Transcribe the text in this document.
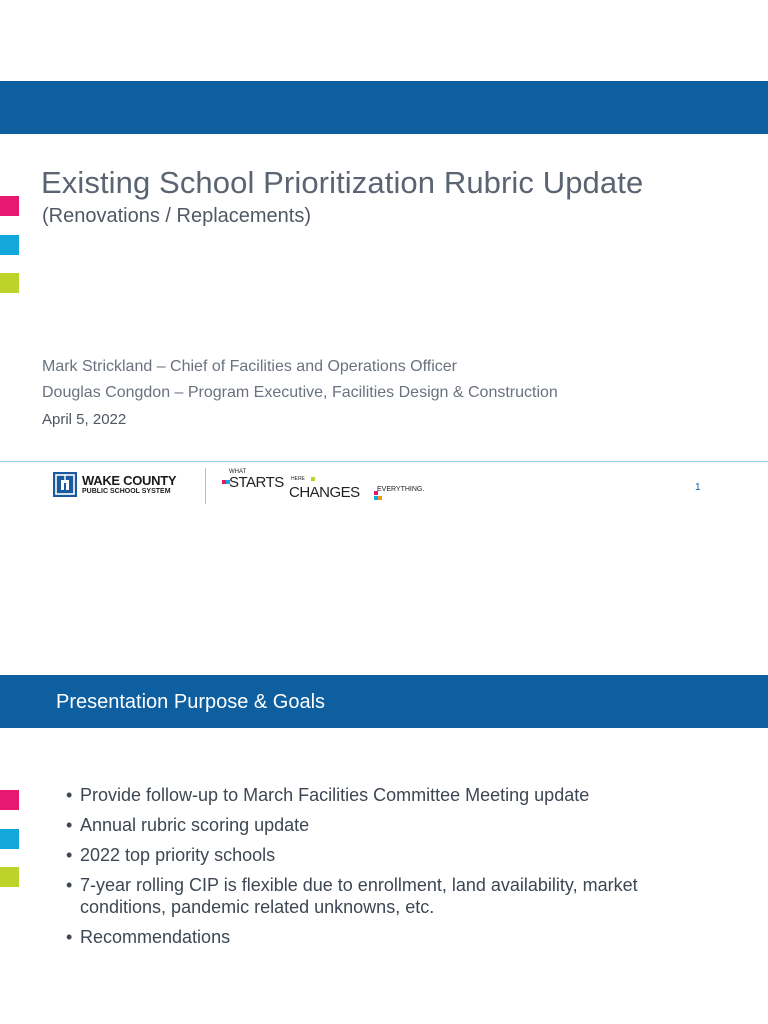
Existing School Prioritization Rubric Update
(Renovations / Replacements)
Mark Strickland – Chief of Facilities and Operations Officer
Douglas Congdon – Program Executive, Facilities Design & Construction
April 5, 2022
WAKE COUNTY
PUBLIC SCHOOL SYSTEM
WHAT
STARTS HERE
CHANGES EVERYTHING.	1
Presentation Purpose & Goals
• Provide follow-up to March Facilities Committee Meeting update
• Annual rubric scoring update
• 2022 top priority schools
• 7-year rolling CIP is flexible due to enrollment, land availability, market
conditions, pandemic related unknowns, etc.
• Recommendations
